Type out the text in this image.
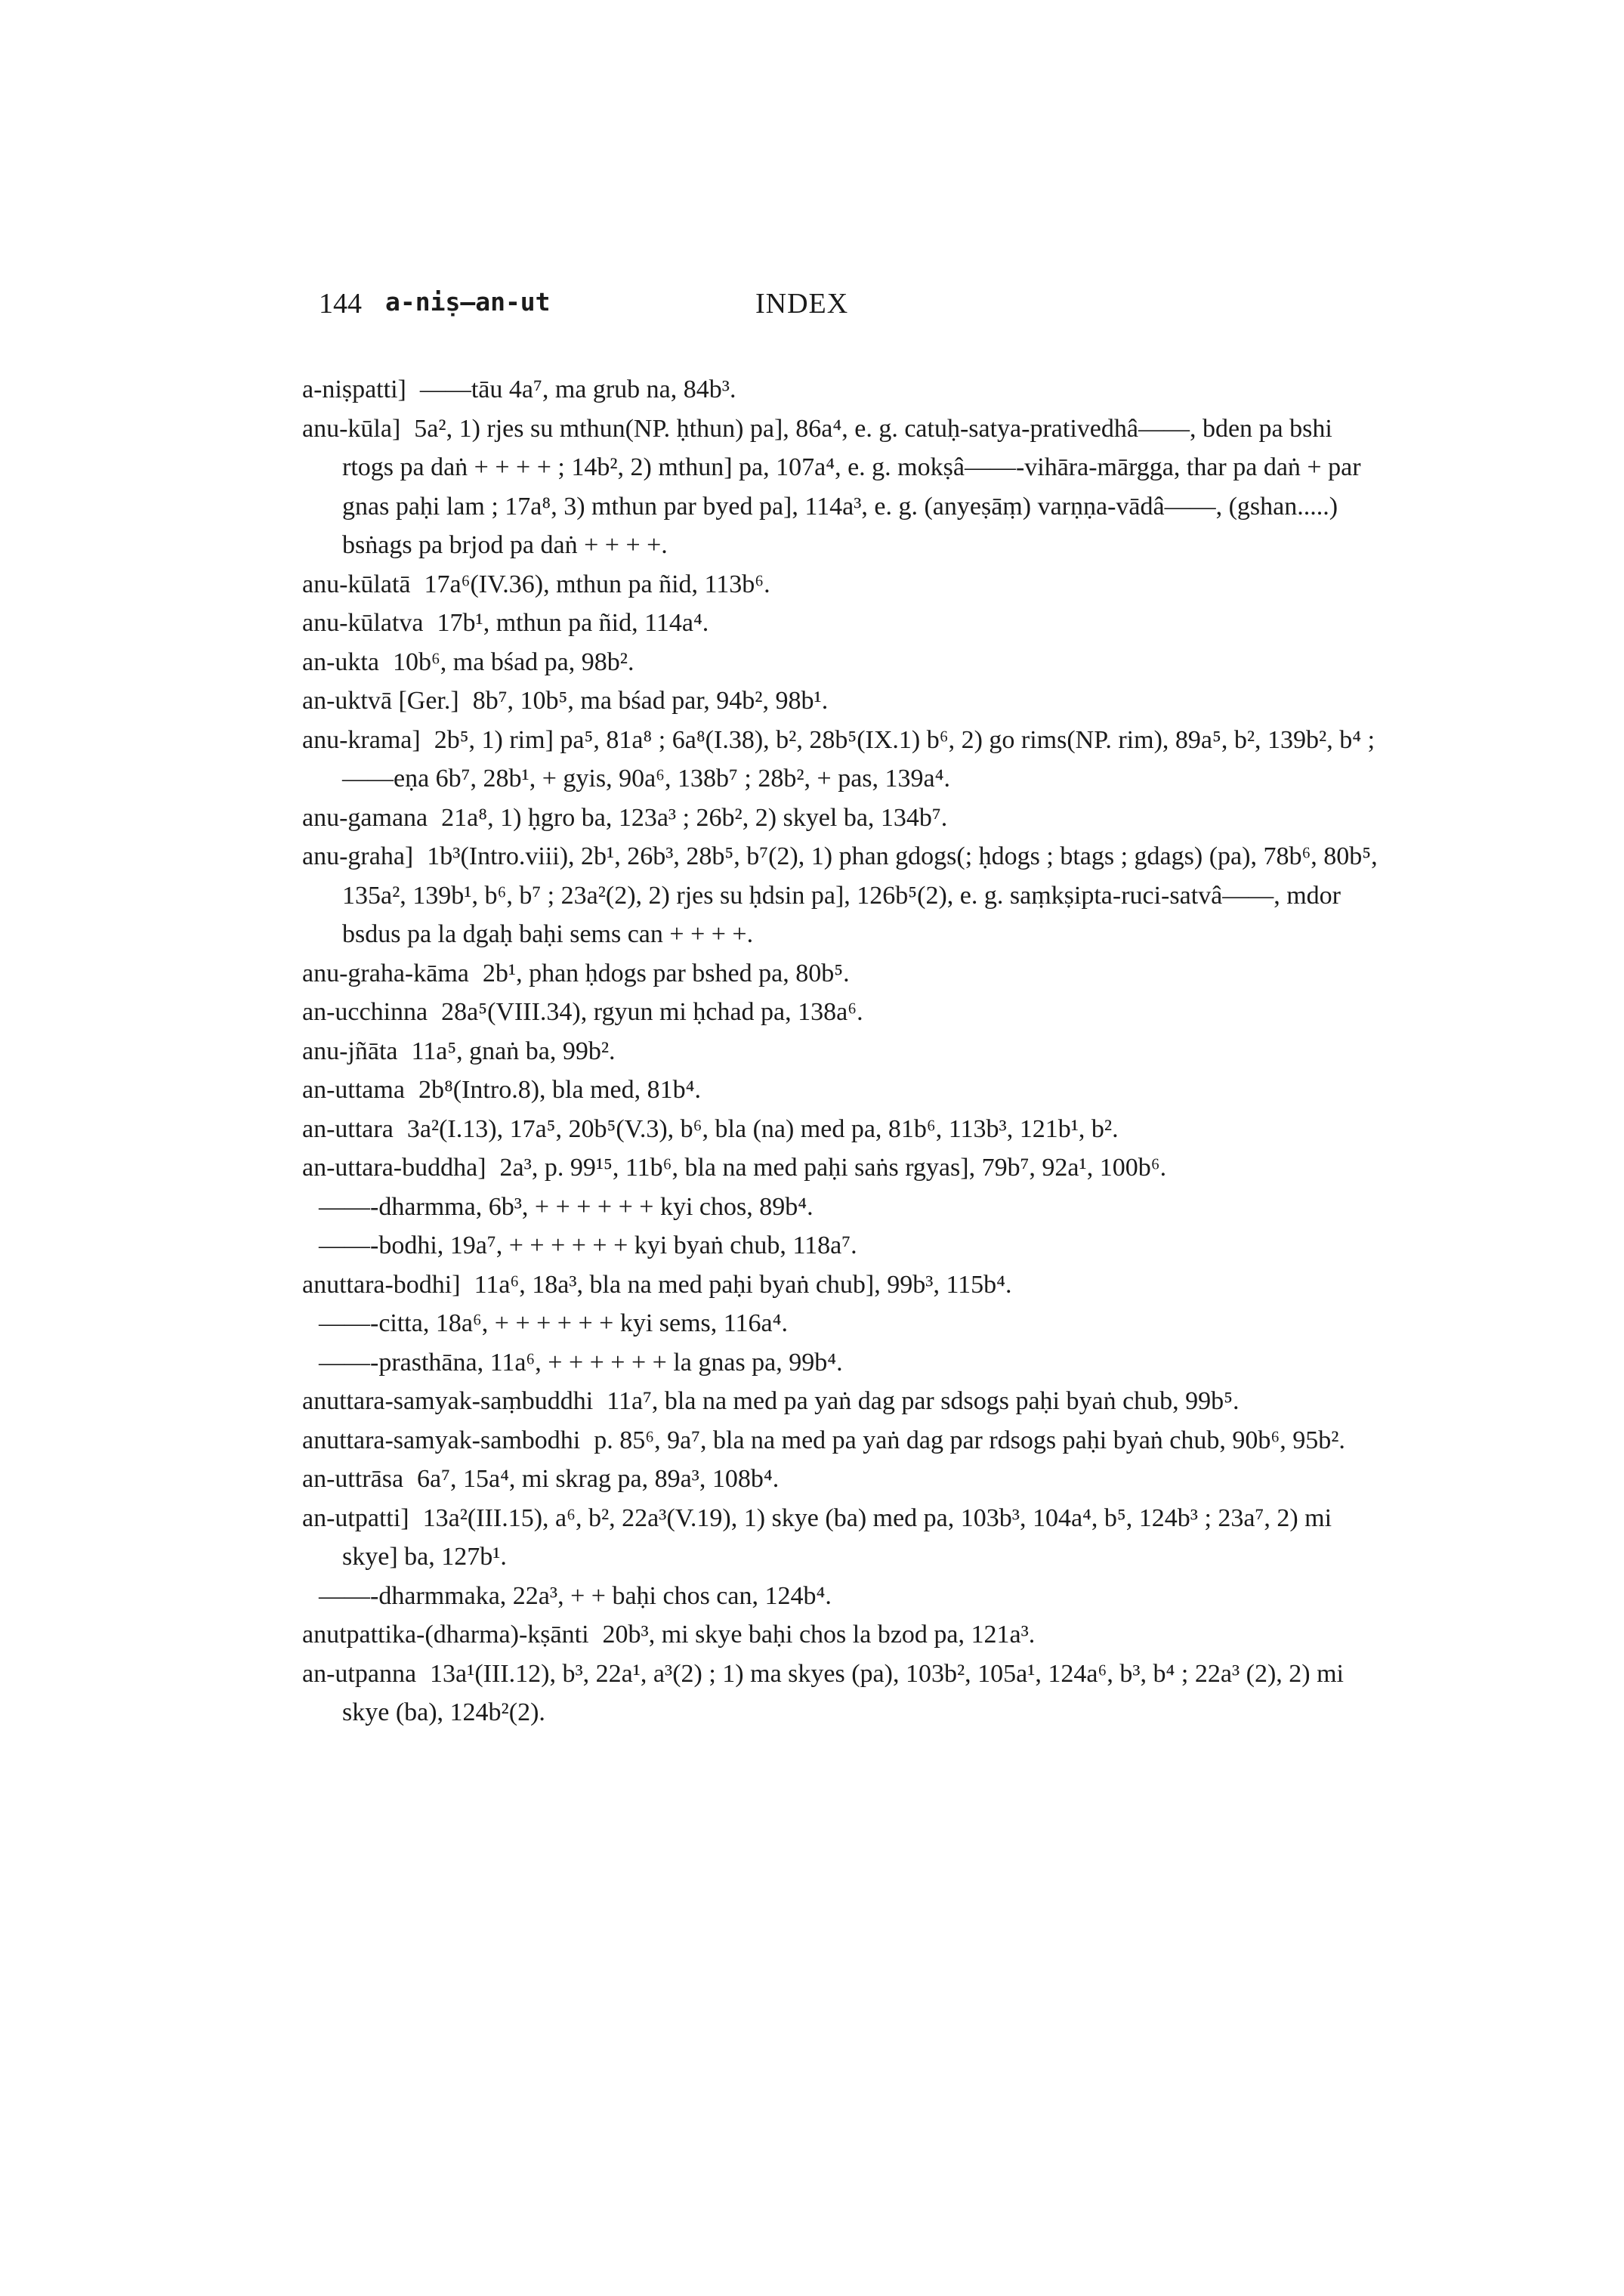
144 a-niṣ—an-ut	INDEX
a-niṣpatti] ——tāu 4a⁷, ma grub na, 84b³.
anu-kūla] 5a², 1) rjes su mthun(NP. ḥthun) pa], 86a⁴, e. g. catuḥ-satya-prativedhâ——, bden pa bshi rtogs pa daṅ + + + + ; 14b², 2) mthun] pa, 107a⁴, e. g. mokṣâ——-vihāra-mārgga, thar pa daṅ + par gnas paḥi lam ; 17a⁸, 3) mthun par byed pa], 114a³, e. g. (anyeṣāṃ) varṇṇa-vādâ——, (gshan.....) bsṅags pa brjod pa daṅ + + + +.
anu-kūlatā 17a⁶(IV.36), mthun pa ñid, 113b⁶.
anu-kūlatva 17b¹, mthun pa ñid, 114a⁴.
an-ukta 10b⁶, ma bśad pa, 98b².
an-uktvā [Ger.] 8b⁷, 10b⁵, ma bśad par, 94b², 98b¹.
anu-krama] 2b⁵, 1) rim] pa⁵, 81a⁸ ; 6a⁸(I.38), b², 28b⁵(IX.1) b⁶, 2) go rims(NP. rim), 89a⁵, b², 139b², b⁴ ;
——eṇa 6b⁷, 28b¹, + gyis, 90a⁶, 138b⁷ ; 28b², + pas, 139a⁴.
anu-gamana 21a⁸, 1) ḥgro ba, 123a³ ; 26b², 2) skyel ba, 134b⁷.
anu-graha] 1b³(Intro.viii), 2b¹, 26b³, 28b⁵, b⁷(2), 1) phan gdogs(; ḥdogs ; btags ; gdags) (pa), 78b⁶, 80b⁵, 135a², 139b¹, b⁶, b⁷ ; 23a²(2), 2) rjes su ḥdsin pa], 126b⁵(2), e. g. saṃkṣipta-ruci-satvâ——, mdor bsdus pa la dgaḥ baḥi sems can + + + +.
anu-graha-kāma 2b¹, phan ḥdogs par bshed pa, 80b⁵.
an-ucchinna 28a⁵(VIII.34), rgyun mi ḥchad pa, 138a⁶.
anu-jñāta 11a⁵, gnaṅ ba, 99b².
an-uttama 2b⁸(Intro.8), bla med, 81b⁴.
an-uttara 3a²(I.13), 17a⁵, 20b⁵(V.3), b⁶, bla (na) med pa, 81b⁶, 113b³, 121b¹, b².
an-uttara-buddha] 2a³, p. 99¹⁵, 11b⁶, bla na med paḥi saṅs rgyas], 79b⁷, 92a¹, 100b⁶.
——-dharmma, 6b³, + + + + + + kyi chos, 89b⁴.
——-bodhi, 19a⁷, + + + + + + kyi byaṅ chub, 118a⁷.
anuttara-bodhi] 11a⁶, 18a³, bla na med paḥi byaṅ chub], 99b³, 115b⁴.
——-citta, 18a⁶, + + + + + + kyi sems, 116a⁴.
——-prasthāna, 11a⁶, + + + + + + la gnas pa, 99b⁴.
anuttara-samyak-saṃbuddhi 11a⁷, bla na med pa yaṅ dag par sdsogs paḥi byaṅ chub, 99b⁵.
anuttara-samyak-sambodhi p. 85⁶, 9a⁷, bla na med pa yaṅ dag par rdsogs paḥi byaṅ chub, 90b⁶, 95b².
an-uttrāsa 6a⁷, 15a⁴, mi skrag pa, 89a³, 108b⁴.
an-utpatti] 13a²(III.15), a⁶, b², 22a³(V.19), 1) skye (ba) med pa, 103b³, 104a⁴, b⁵, 124b³ ; 23a⁷, 2) mi skye] ba, 127b¹.
——-dharmmaka, 22a³, + + baḥi chos can, 124b⁴.
anutpattika-(dharma)-kṣānti 20b³, mi skye baḥi chos la bzod pa, 121a³.
an-utpanna 13a¹(III.12), b³, 22a¹, a³(2) ; 1) ma skyes (pa), 103b², 105a¹, 124a⁶, b³, b⁴ ; 22a³ (2), 2) mi skye (ba), 124b²(2).
